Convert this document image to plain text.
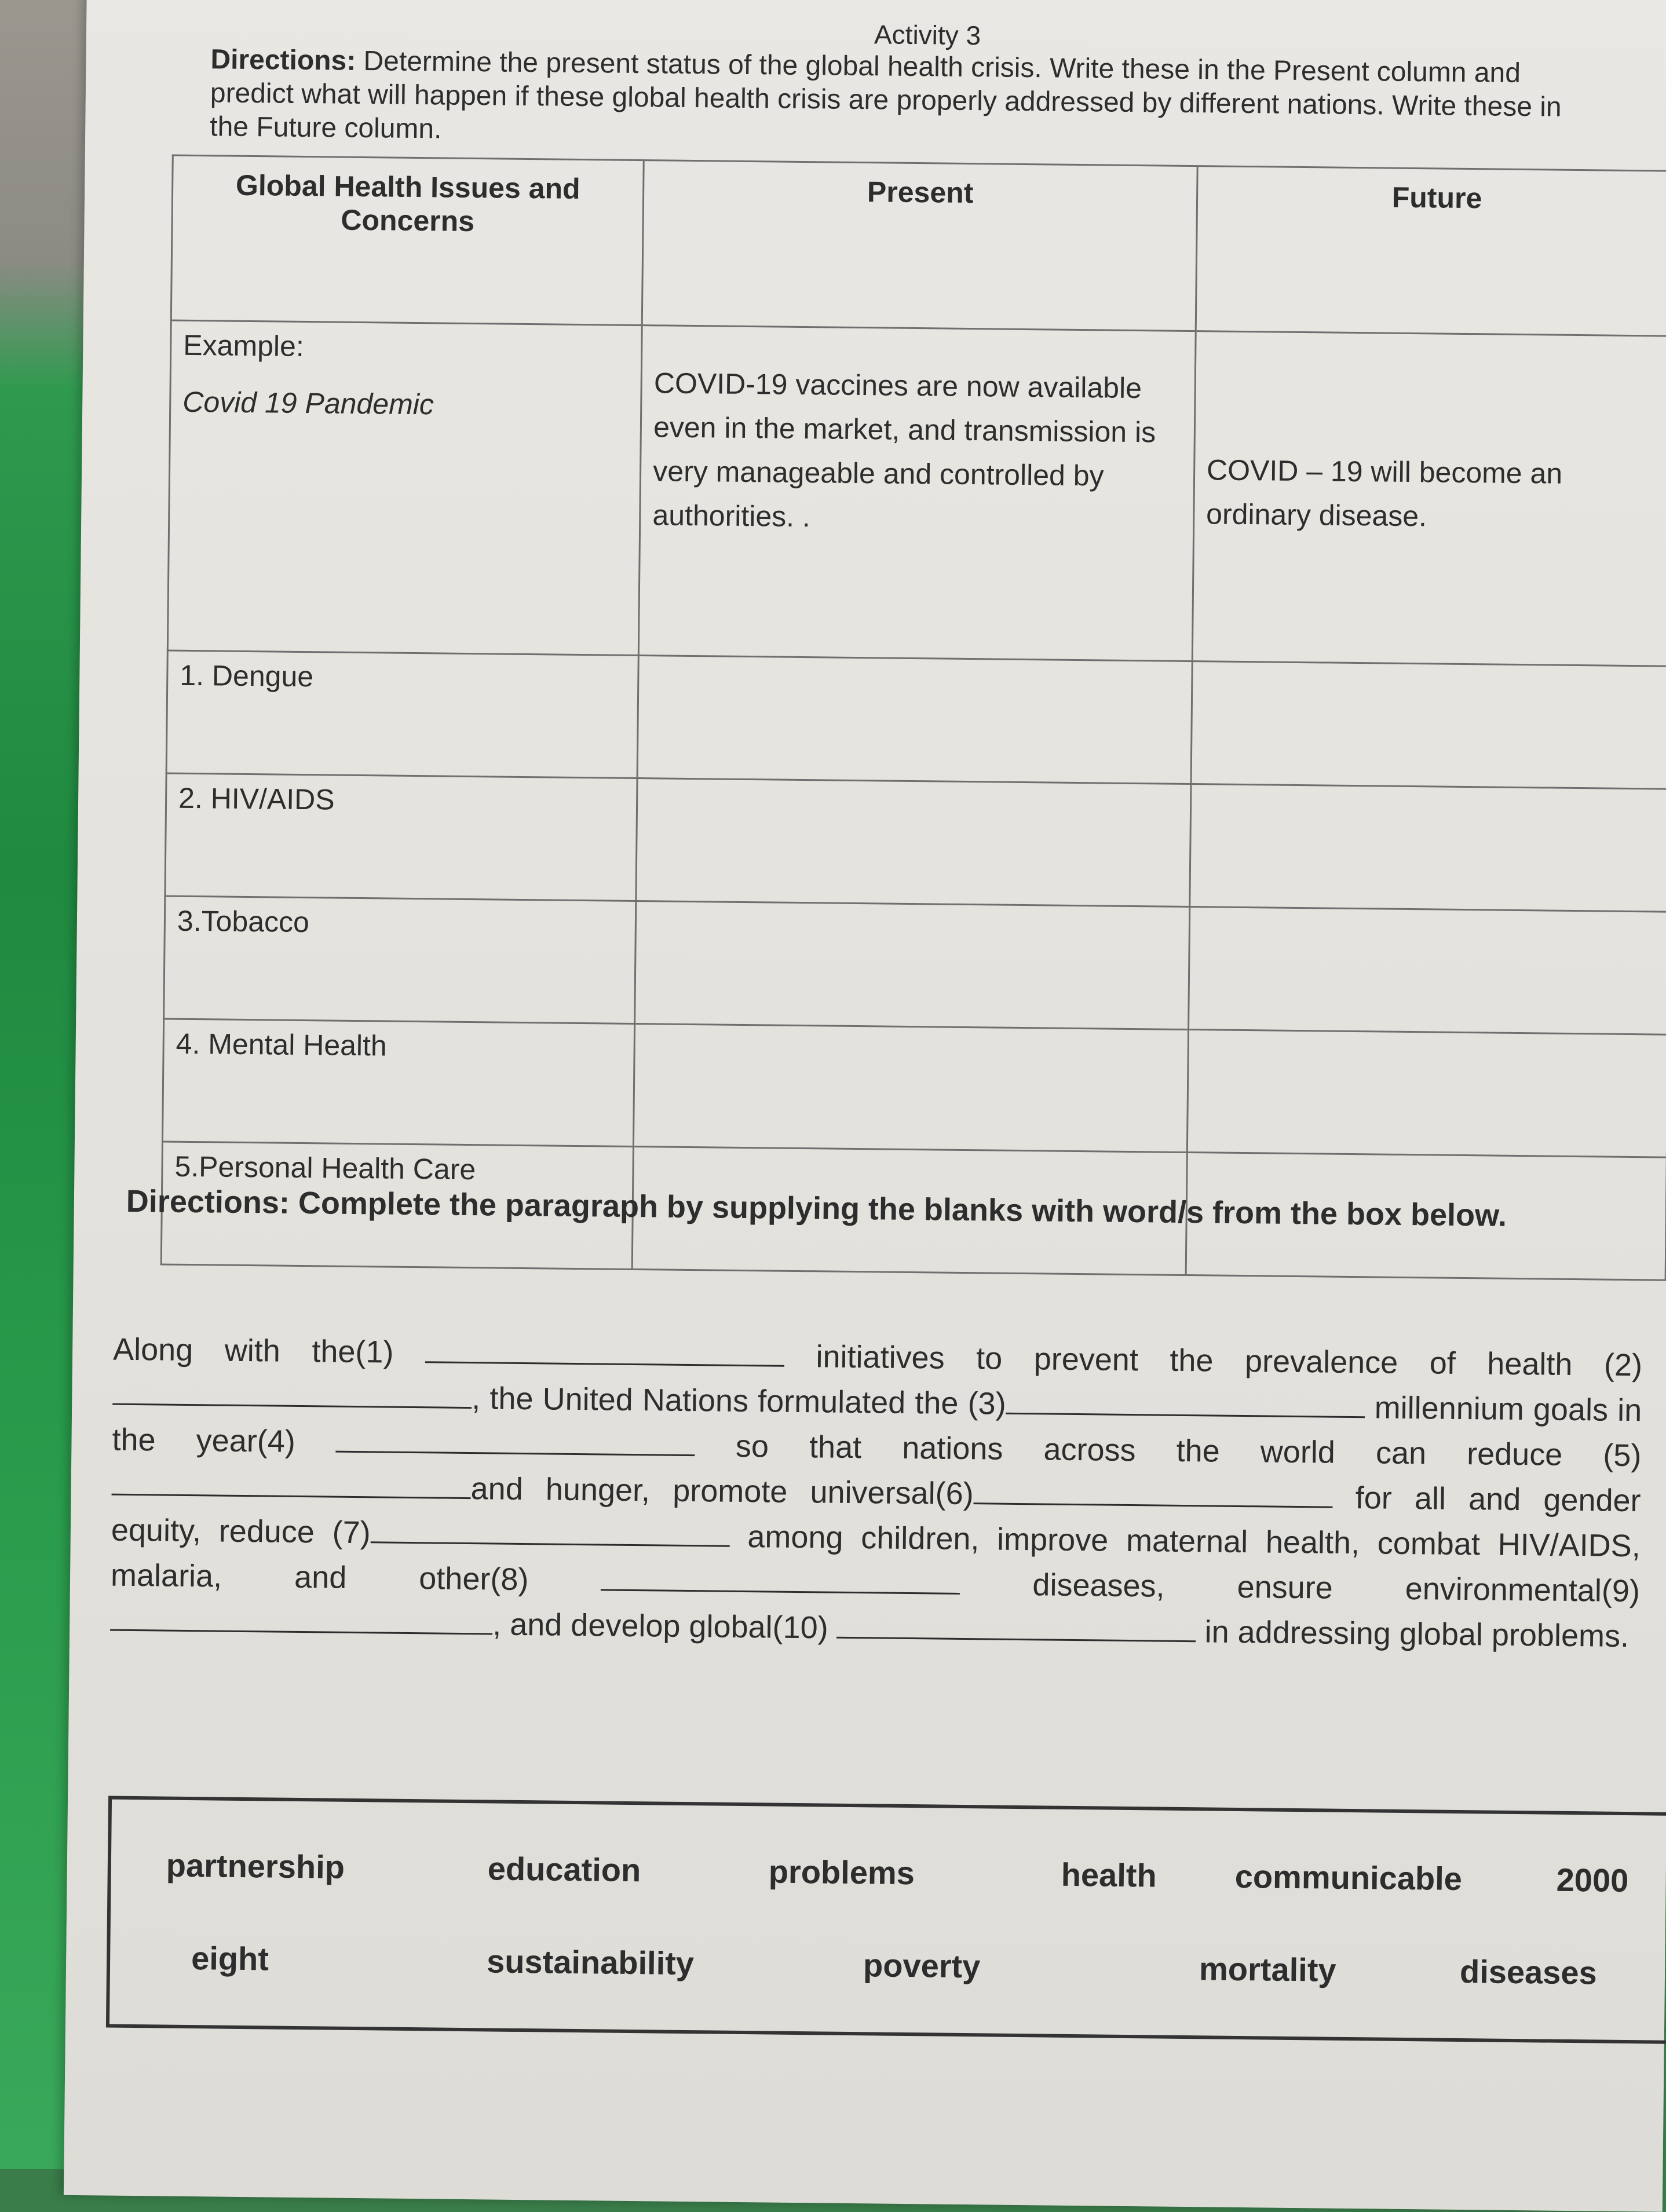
Activity 3
Directions: Determine the present status of the global health crisis. Write these in the Present column and predict what will happen if these global health crisis are properly addressed by different nations. Write these in the Future column.
Global Health Issues and Concerns	Present	Future

Example:
Covid 19 Pandemic	COVID-19 vaccines are now available even in the market, and transmission is very manageable and controlled by authorities. .	COVID – 19 will become an ordinary disease.
1. Dengue		
2. HIV/AIDS		
3.Tobacco		
4. Mental Health		
5.Personal Health Care		
Directions: Complete the paragraph by supplying the blanks with word/s from the box below.
Along with the(1)	initiatives to prevent the prevalence of health (2), the United Nations formulated the (3)	millennium goals in the year(4)	so that nations across the world can reduce (5)and hunger, promote universal(6)	for all and gender equity, reduce (7)	among children, improve maternal health, combat HIV/AIDS, malaria, and other(8)	diseases, ensure environmental(9) , and develop global(10)	in addressing global problems.
partnership	education	problems	health communicable	2000
eight	sustainability	poverty	mortality	diseases
